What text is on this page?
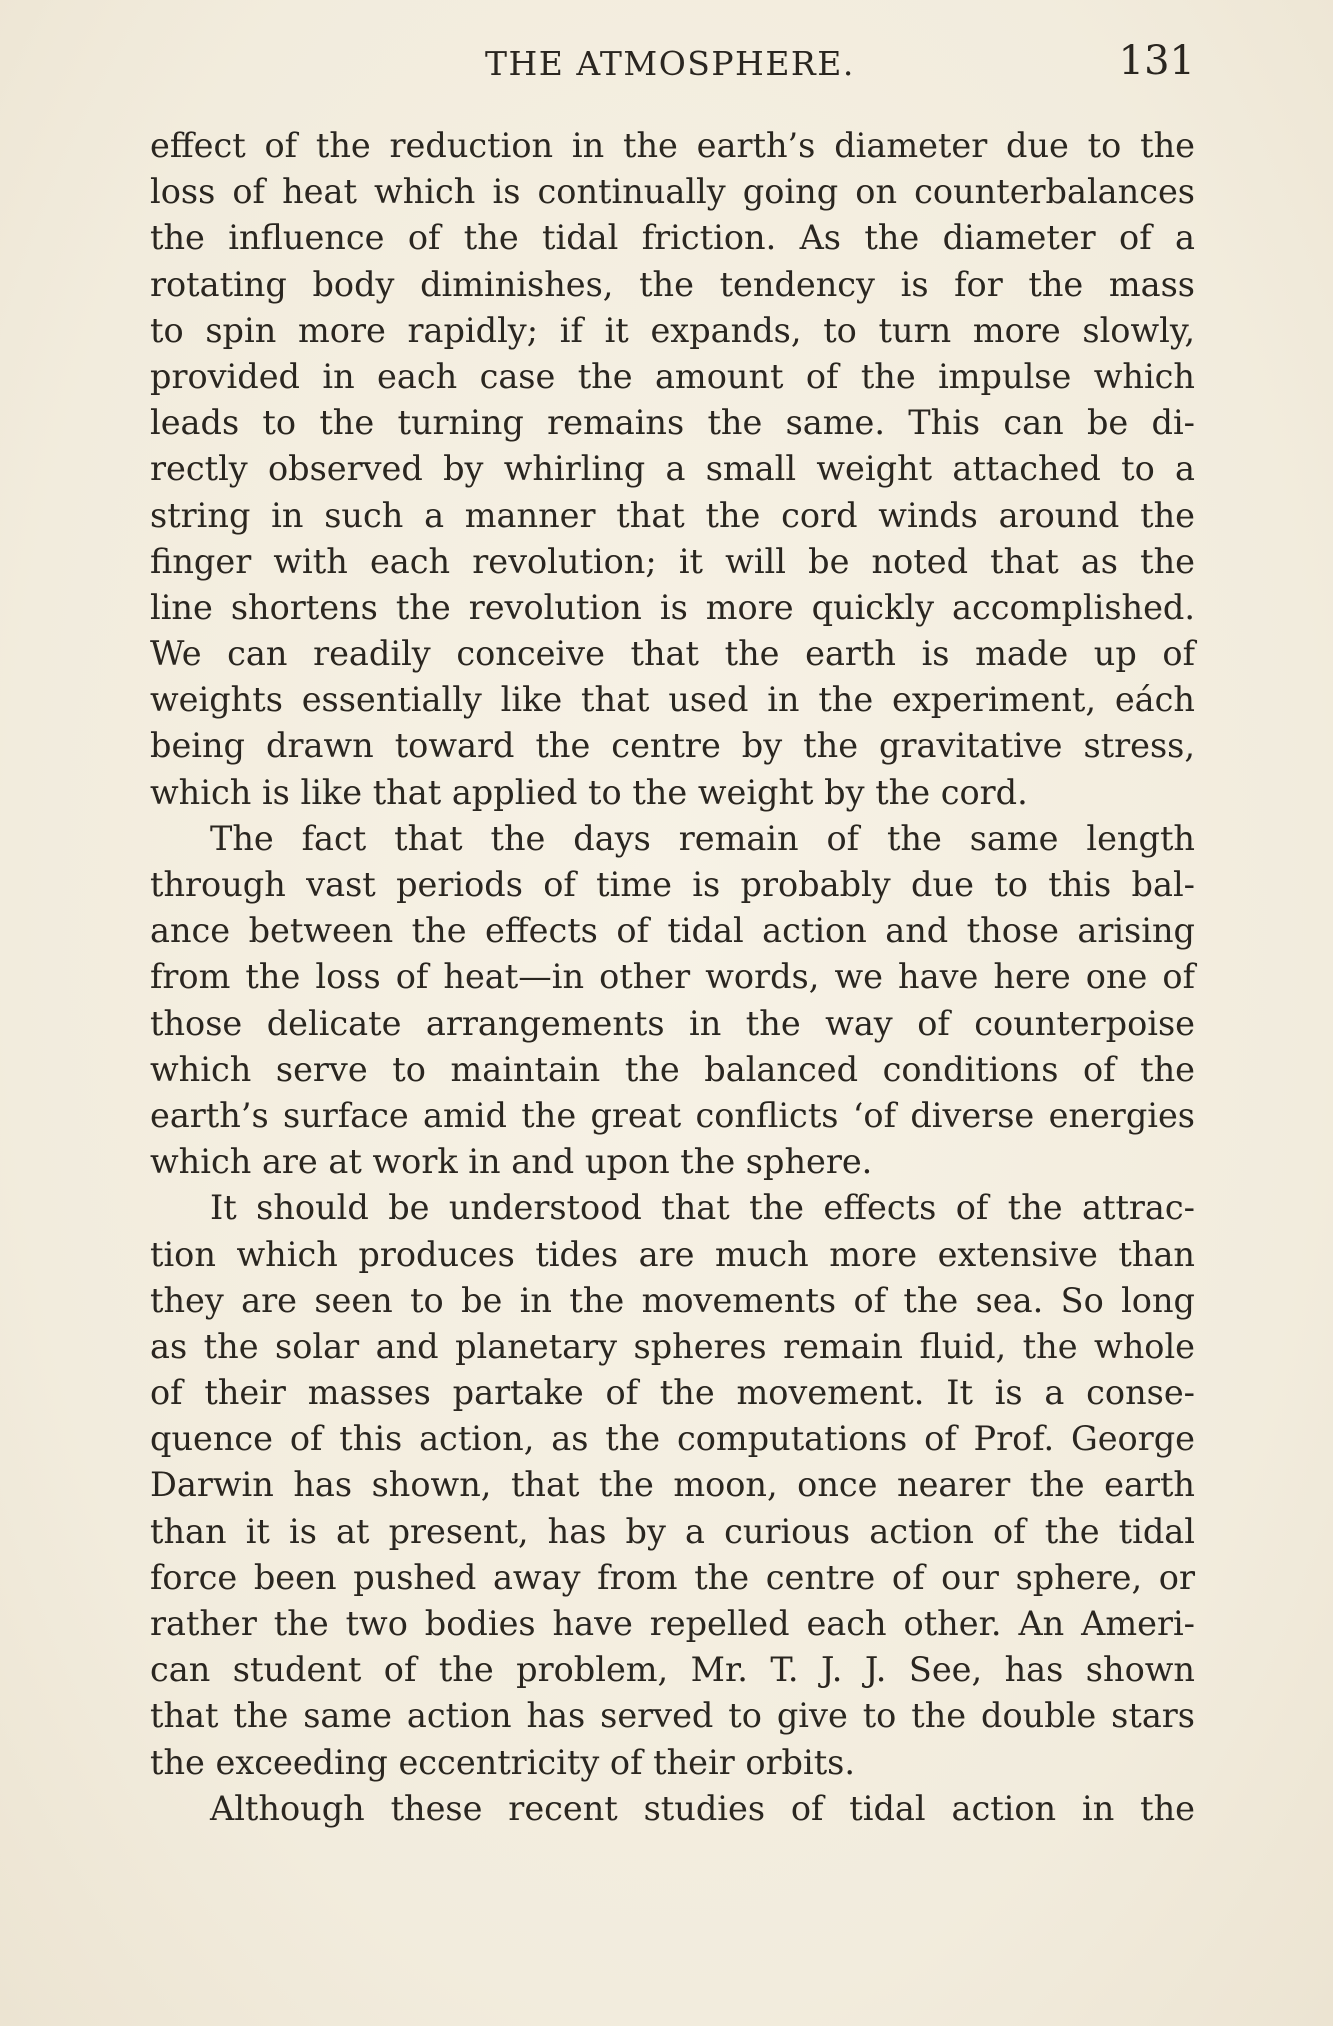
THE ATMOSPHERE.	131
effect of the reduction in the earth’s diameter due to the
loss of heat which is continually going on counterbalances
the influence of the tidal friction. As the diameter of a
rotating body diminishes, the tendency is for the mass
to spin more rapidly; if it expands, to turn more slowly,
provided in each case the amount of the impulse which
leads to the turning remains the same. This can be di-
rectly observed by whirling a small weight attached to a
string in such a manner that the cord winds around the
finger with each revolution; it will be noted that as the
line shortens the revolution is more quickly accomplished.
We can readily conceive that the earth is made up of
weights essentially like that used in the experiment, eách
being drawn toward the centre by the gravitative stress,
which is like that applied to the weight by the cord.
The fact that the days remain of the same length
through vast periods of time is probably due to this bal-
ance between the effects of tidal action and those arising
from the loss of heat—in other words, we have here one of
those delicate arrangements in the way of counterpoise
which serve to maintain the balanced conditions of the
earth’s surface amid the great conflicts ‘of diverse energies
which are at work in and upon the sphere.
It should be understood that the effects of the attrac-
tion which produces tides are much more extensive than
they are seen to be in the movements of the sea. So long
as the solar and planetary spheres remain fluid, the whole
of their masses partake of the movement. It is a conse-
quence of this action, as the computations of Prof. George
Darwin has shown, that the moon, once nearer the earth
than it is at present, has by a curious action of the tidal
force been pushed away from the centre of our sphere, or
rather the two bodies have repelled each other. An Ameri-
can student of the problem, Mr. T. J. J. See, has shown
that the same action has served to give to the double stars
the exceeding eccentricity of their orbits.
Although these recent studies of tidal action in the
